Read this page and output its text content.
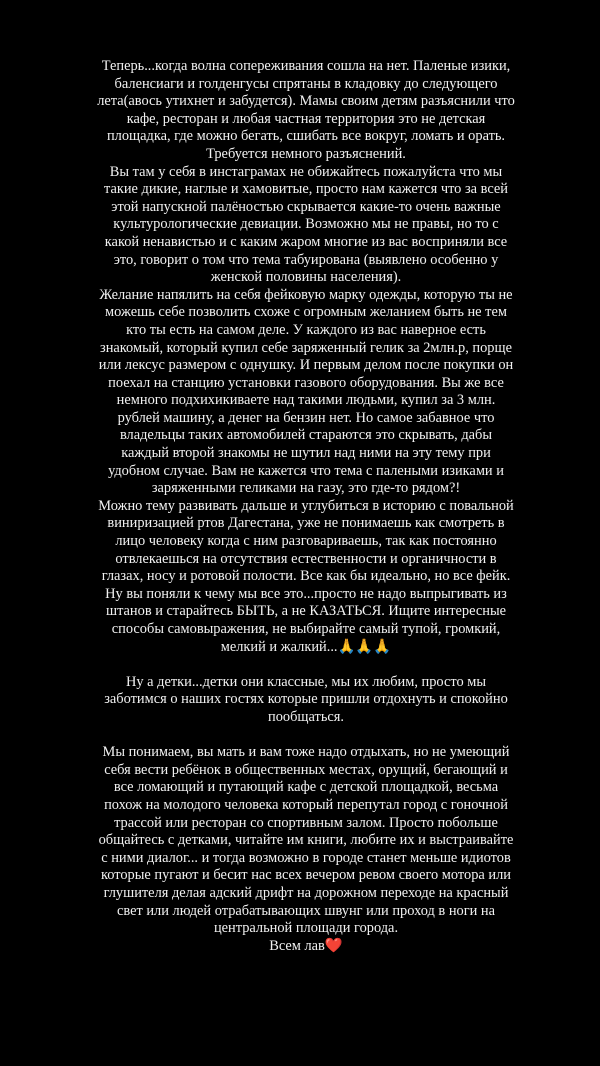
Теперь...когда волна сопереживания сошла на нет. Паленые изики, баленсиаги и голденгусы спрятаны в кладовку до следующего лета(авось утихнет и забудется). Мамы своим детям разъяснили что кафе, ресторан и любая частная территория это не детская площадка, где можно бегать, сшибать все вокруг, ломать и орать.

Требуется немного разъяснений.

Вы там у себя в инстаграмах не обижайтесь пожалуйста что мы такие дикие, наглые и хамовитые, просто нам кажется что за всей этой напускной палёностью скрывается какие-то очень важные культурологические девиации. Возможно мы не правы, но то с какой ненавистью и с каким жаром многие из вас восприняли все это, говорит о том что тема табуирована (выявлено особенно у женской половины населения).

Желание напялить на себя фейковую марку одежды, которую ты не можешь себе позволить схоже с огромным желанием быть не тем кто ты есть на самом деле. У каждого из вас наверное есть знакомый, который купил себе заряженный гелик за 2млн.р, порще или лексус размером с однушку. И первым делом после покупки он поехал на станцию установки газового оборудования. Вы же все немного подхихикиваете над такими людьми, купил за 3 млн. рублей машину, а денег на бензин нет. Но самое забавное что владельцы таких автомобилей стараются это скрывать, дабы каждый второй знакомы не шутил над ними на эту тему при удобном случае. Вам не кажется что тема с палеными изиками и заряженными геликами на газу, это где-то рядом?!

Можно тему развивать дальше и углубиться в историю с повальной виниризацией ртов Дагестана, уже не понимаешь как смотреть в лицо человеку когда с ним разговариваешь, так как постоянно отвлекаешься на отсутствия естественности и органичности в глазах, носу и ротовой полости. Все как бы идеально, но все фейк. Ну вы поняли к чему мы все это...просто не надо выпрыгивать из штанов и старайтесь БЫТЬ, а не КАЗАТЬСЯ. Ищите интересные способы самовыражения, не выбирайте самый тупой, громкий, мелкий и жалкий...🙏🙏🙏

Ну а детки...детки они классные, мы их любим, просто мы заботимся о наших гостях которые пришли отдохнуть и спокойно пообщаться.

Мы понимаем, вы мать и вам тоже надо отдыхать, но не умеющий себя вести ребёнок в общественных местах, орущий, бегающий и все ломающий и путающий кафе с детской площадкой, весьма похож на молодого человека который перепутал город с гоночной трассой или ресторан со спортивным залом. Просто побольше общайтесь с детками, читайте им книги, любите их и выстраивайте с ними диалог... и тогда возможно в городе станет меньше идиотов которые пугают и бесит нас всех вечером ревом своего мотора или глушителя делая адский дрифт на дорожном переходе на красный свет или людей отрабатывающих швунг или проход в ноги на центральной площади города.

Всем лав❤️
